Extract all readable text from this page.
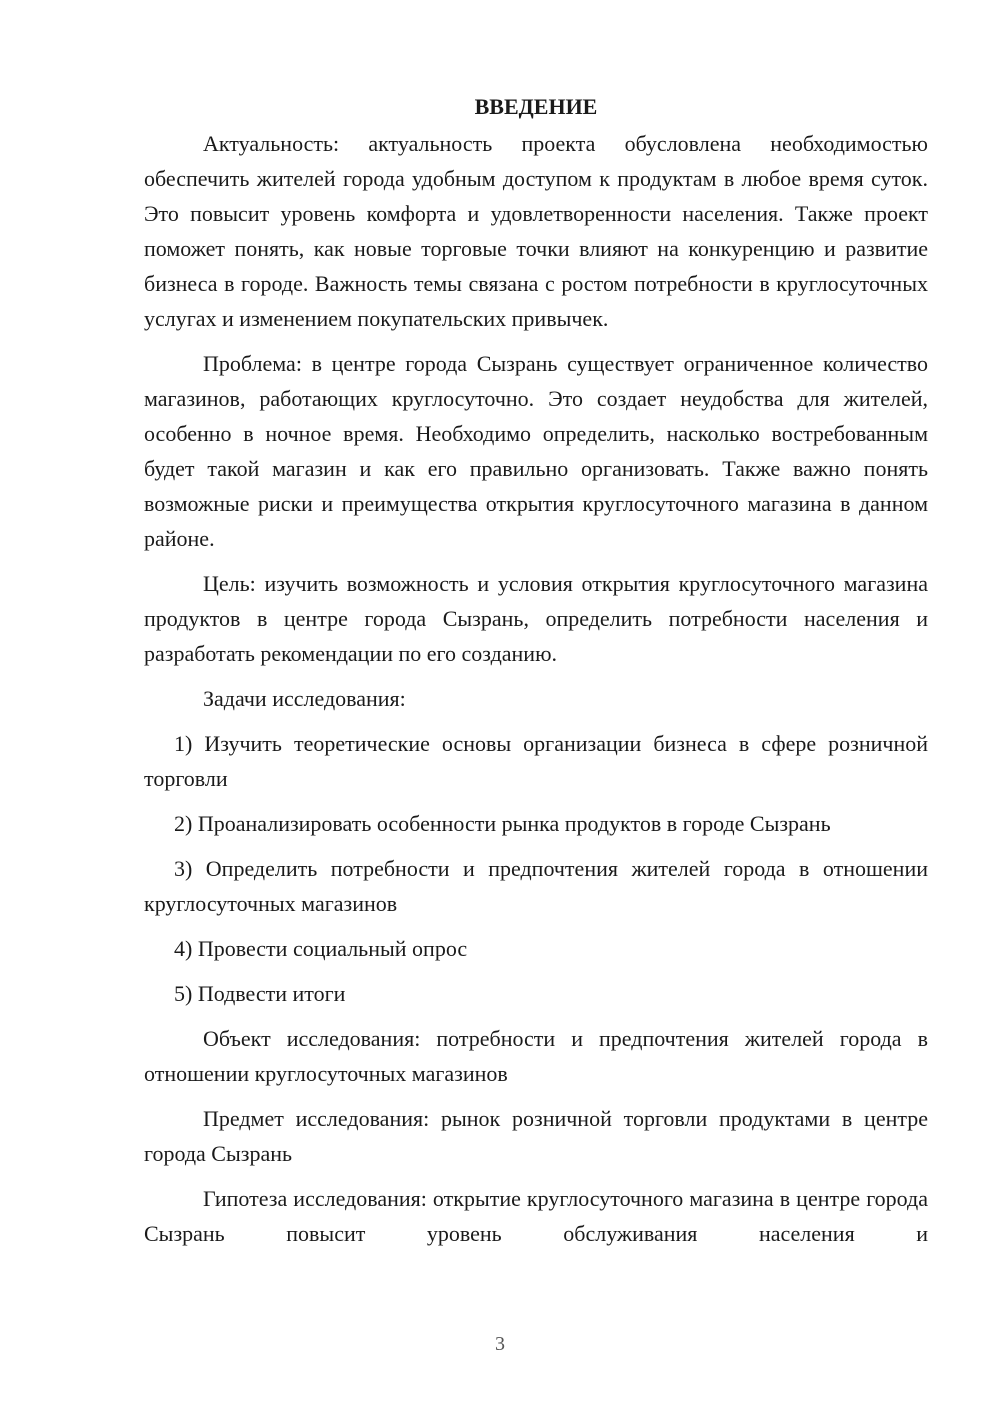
ВВЕДЕНИЕ

Актуальность: актуальность проекта обусловлена необходимостью обеспечить жителей города удобным доступом к продуктам в любое время суток. Это повысит уровень комфорта и удовлетворенности населения. Также проект поможет понять, как новые торговые точки влияют на конкуренцию и развитие бизнеса в городе. Важность темы связана с ростом потребности в круглосуточных услугах и изменением покупательских привычек.

Проблема: в центре города Сызрань существует ограниченное количество магазинов, работающих круглосуточно. Это создает неудобства для жителей, особенно в ночное время. Необходимо определить, насколько востребованным будет такой магазин и как его правильно организовать. Также важно понять возможные риски и преимущества открытия круглосуточного магазина в данном районе.

Цель: изучить возможность и условия открытия круглосуточного магазина продуктов в центре города Сызрань, определить потребности населения и разработать рекомендации по его созданию.

Задачи исследования:

1) Изучить теоретические основы организации бизнеса в сфере розничной торговли

2) Проанализировать особенности рынка продуктов в городе Сызрань

3) Определить потребности и предпочтения жителей города в отношении круглосуточных магазинов

4) Провести социальный опрос

5) Подвести итоги

Объект исследования: потребности и предпочтения жителей города в отношении круглосуточных магазинов

Предмет исследования: рынок розничной торговли продуктами в центре города Сызрань

Гипотеза исследования: открытие круглосуточного магазина в центре города Сызрань повысит уровень обслуживания населения и

3
